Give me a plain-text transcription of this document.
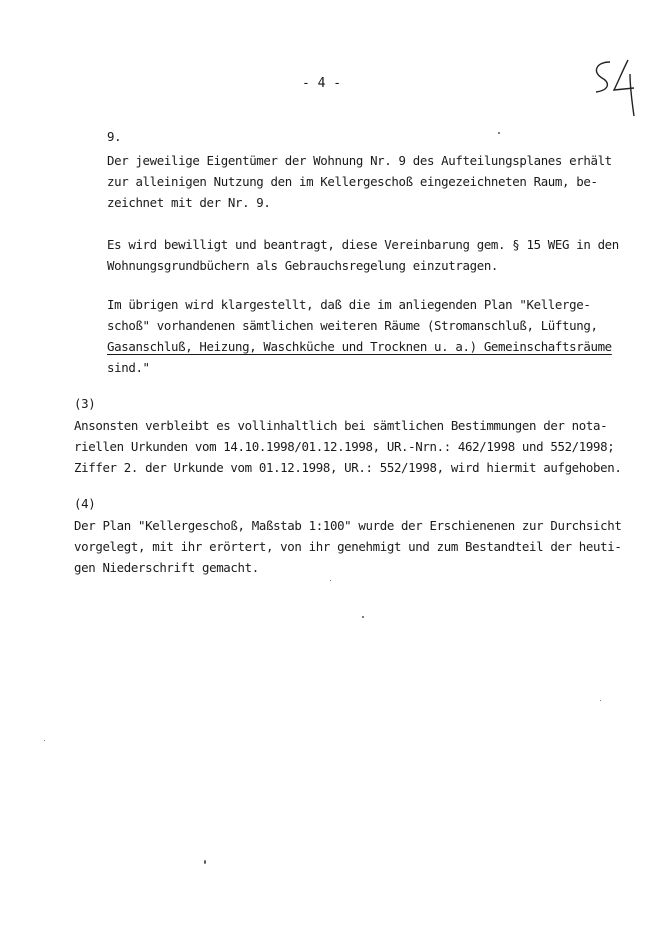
- 4 -
9.
Der jeweilige Eigentümer der Wohnung Nr. 9 des Aufteilungsplanes erhält
zur alleinigen Nutzung den im Kellergeschoß eingezeichneten Raum, be-
zeichnet mit der Nr. 9.
Es wird bewilligt und beantragt, diese Vereinbarung gem. § 15 WEG in den
Wohnungsgrundbüchern als Gebrauchsregelung einzutragen.
Im übrigen wird klargestellt, daß die im anliegenden Plan "Kellerge-
schoß" vorhandenen sämtlichen weiteren Räume (Stromanschluß, Lüftung,
Gasanschluß, Heizung, Waschküche und Trocknen u. a.) Gemeinschaftsräume
sind."
(3)
Ansonsten verbleibt es vollinhaltlich bei sämtlichen Bestimmungen der nota-
riellen Urkunden vom 14.10.1998/01.12.1998, UR.-Nrn.: 462/1998 und 552/1998;
Ziffer 2. der Urkunde vom 01.12.1998, UR.: 552/1998, wird hiermit aufgehoben.
(4)
Der Plan "Kellergeschoß, Maßstab 1:100" wurde der Erschienenen zur Durchsicht
vorgelegt, mit ihr erörtert, von ihr genehmigt und zum Bestandteil der heuti-
gen Niederschrift gemacht.
